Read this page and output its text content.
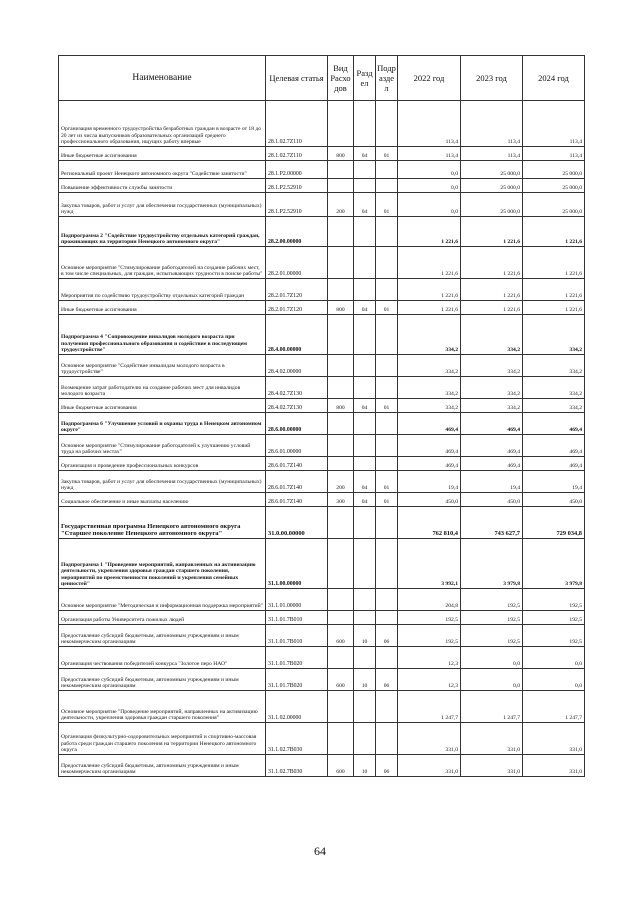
Наименование	Целевая статья	Вид Расхо дов	Разд ел	Подр азде л	2022 год	2023 год	2024 год
Организация временного трудоустройства безработных граждан в возрасте от 18 до 20 лет из числа выпускников образовательных организаций среднего профессионального образования, ищущих работу впервые	28.1.02.7Z110				113,4	113,4	113,4
Иные бюджетные ассигнования	28.1.02.7Z110	800	04	01	113,4	113,4	113,4
Региональный проект Ненецкого автономного округа "Содействие занятости"	28.1.P2.00000				0,0	25 000,0	25 000,0
Повышение эффективности службы занятости	28.1.P2.52910				0,0	25 000,0	25 000,0
Закупка товаров, работ и услуг для обеспечения государственных (муниципальных) нужд	28.1.P2.52910	200	04	01	0,0	25 000,0	25 000,0
Подпрограмма 2 "Содействие трудоустройству отдельных категорий граждан, проживающих на территории Ненецкого автономного округа"	28.2.00.00000				1 221,6	1 221,6	1 221,6
Основное мероприятие "Стимулирование работодателей на создание рабочих мест, в том числе специальных, для граждан, испытывающих трудности в поиске работы"	28.2.01.00000				1 221,6	1 221,6	1 221,6
Мероприятия по содействию трудоустройству отдельных категорий граждан	28.2.01.7Z120				1 221,6	1 221,6	1 221,6
Иные бюджетные ассигнования	28.2.01.7Z120	800	04	01	1 221,6	1 221,6	1 221,6
Подпрограмма 4 "Сопровождение инвалидов молодого возраста при получении профессионального образования и содействие в последующем трудоустройстве"	28.4.00.00000				334,2	334,2	334,2
Основное мероприятие "Содействие инвалидам молодого возраста в трудоустройстве"	28.4.02.00000				334,2	334,2	334,2
Возмещение затрат работодателю на создание рабочих мест для инвалидов молодого возраста	28.4.02.7Z130				334,2	334,2	334,2
Иные бюджетные ассигнования	28.4.02.7Z130	800	04	01	334,2	334,2	334,2
Подпрограмма 6 "Улучшение условий и охраны труда в Ненецком автономном округе"	28.6.00.00000				469,4	469,4	469,4
Основное мероприятие "Стимулирование работодателей к улучшению условий труда на рабочих местах"	28.6.01.00000				469,4	469,4	469,4
Организация и проведение профессиональных конкурсов	28.6.01.7Z140				469,4	469,4	469,4
Закупка товаров, работ и услуг для обеспечения государственных (муниципальных) нужд	28.6.01.7Z140	200	04	01	19,4	19,4	19,4
Социальное обеспечение и иные выплаты населению	28.6.01.7Z140	300	04	01	450,0	450,0	450,0
Государственная программа Ненецкого автономного округа "Старшее поколение Ненецкого автономного округа"	31.0.00.00000				762 810,4	743 627,7	729 034,8
Подпрограмма 1 "Проведение мероприятий, направленных на активизацию деятельности, укрепления здоровья граждан старшего поколения, мероприятий по преемственности поколений и укрепления семейных ценностей"	31.1.00.00000				3 992,1	3 979,8	3 979,8
Основное мероприятие "Методическая и информационная поддержка мероприятий"	31.1.01.00000				204,8	192,5	192,5
Организация работы Университета пожилых людей	31.1.01.7В010				192,5	192,5	192,5
Предоставление субсидий бюджетным, автономным учреждениям и иным некоммерческим организациям	31.1.01.7В010	600	10	06	192,5	192,5	192,5
Организация чествования победителей конкурса "Золотое перо НАО"	31.1.01.7В020				12,3	0,0	0,0
Предоставление субсидий бюджетным, автономным учреждениям и иным некоммерческим организациям	31.1.01.7В020	600	10	06	12,3	0,0	0,0
Основное мероприятие "Проведение мероприятий, направленных на активизацию деятельности, укрепления здоровья граждан старшего поколения"	31.1.02.00000				1 247,7	1 247,7	1 247,7
Организация физкультурно-оздоровительных мероприятий и спортивно-массовая работа среди граждан старшего поколения на территории Ненецкого автономного округа	31.1.02.7В030				331,0	331,0	331,0
Предоставление субсидий бюджетным, автономным учреждениям и иным некоммерческим организациям	31.1.02.7В030	600	10	06	331,0	331,0	331,0
64
